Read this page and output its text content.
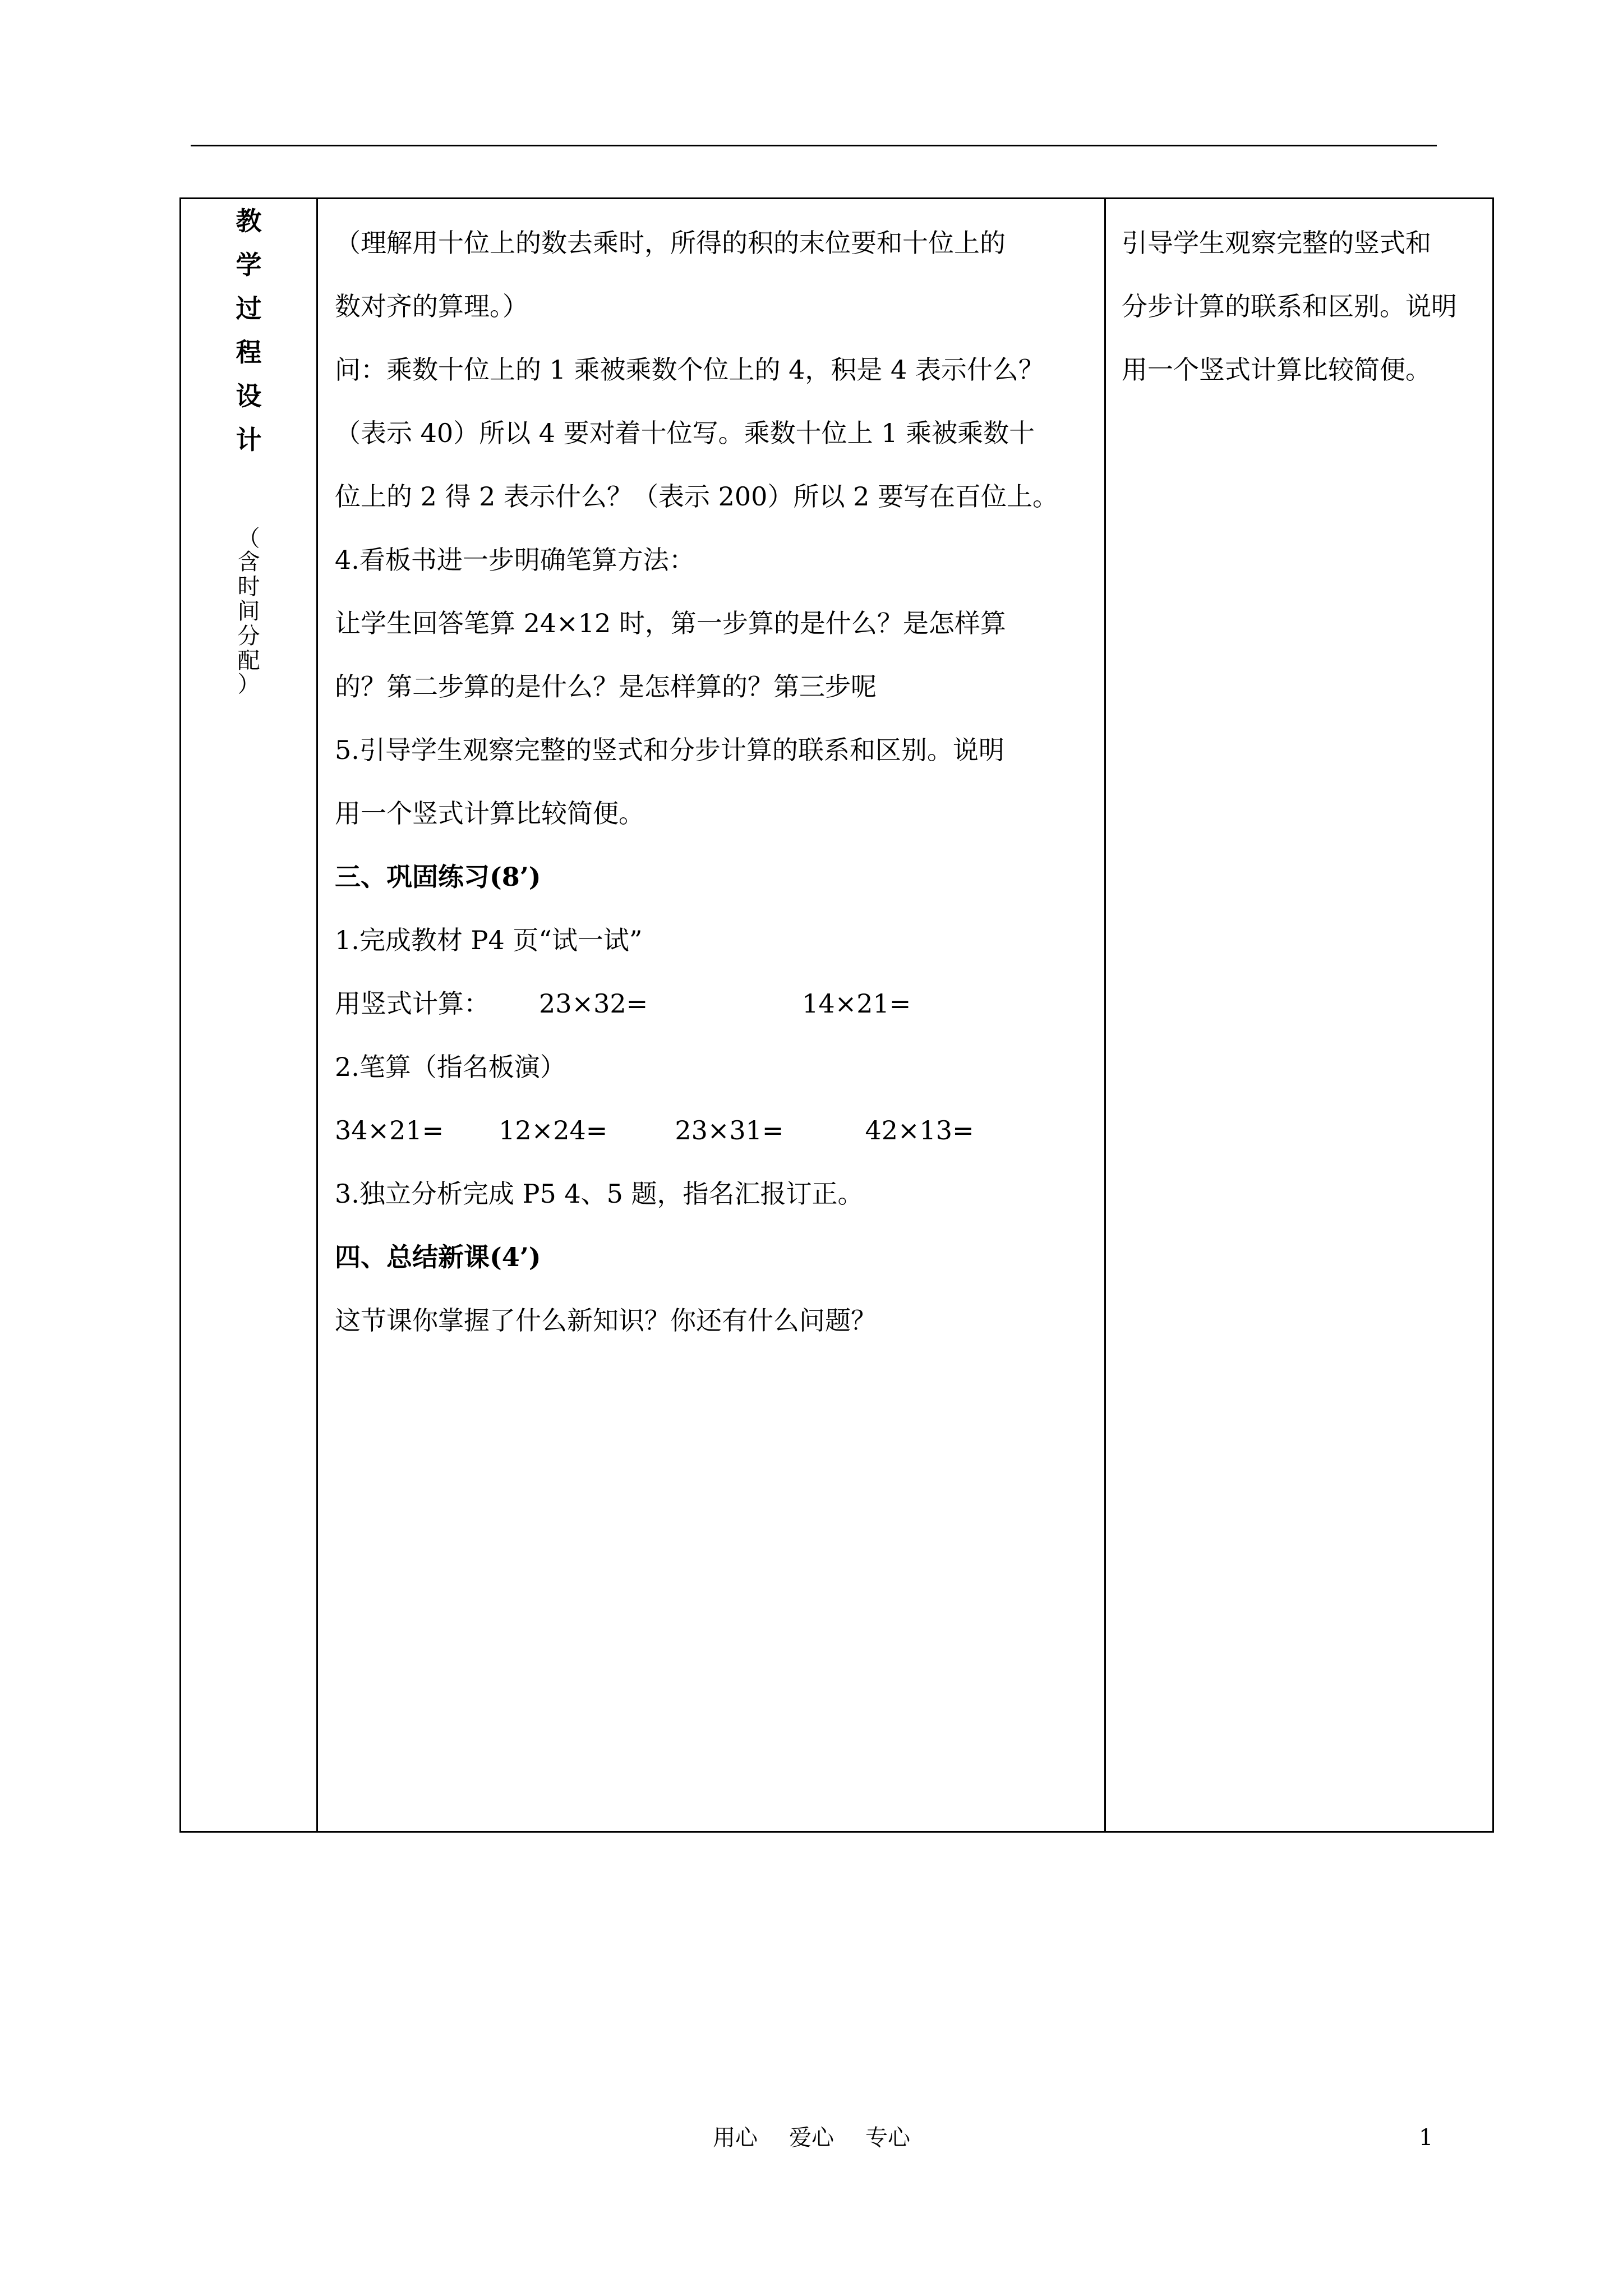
教
学
过
程
设
计
（
含
时
间
分
配
）
（理解用十位上的数去乘时，所得的积的末位要和十位上的
数对齐的算理。）
问：乘数十位上的 1 乘被乘数个位上的 4，积是 4 表示什么？
（表示 40）所以 4 要对着十位写。乘数十位上 1 乘被乘数十
位上的 2 得 2 表示什么？（表示 200）所以 2 要写在百位上。
4.看板书进一步明确笔算方法：
让学生回答笔算 24×12 时，第一步算的是什么？是怎样算
的？第二步算的是什么？是怎样算的？第三步呢
5.引导学生观察完整的竖式和分步计算的联系和区别。说明
用一个竖式计算比较简便。
三、巩固练习(8’)
1.完成教材 P4 页“试一试”
用竖式计算： 23×32=	14×21=
2.笔算（指名板演）
34×21= 12×24=	23×31=	42×13=
3.独立分析完成 P5 4、5 题，指名汇报订正。
四、总结新课(4’)
这节课你掌握了什么新知识？你还有什么问题？
引导学生观察完整的竖式和
分步计算的联系和区别。说明
用一个竖式计算比较简便。
用心 爱心 专心	1
